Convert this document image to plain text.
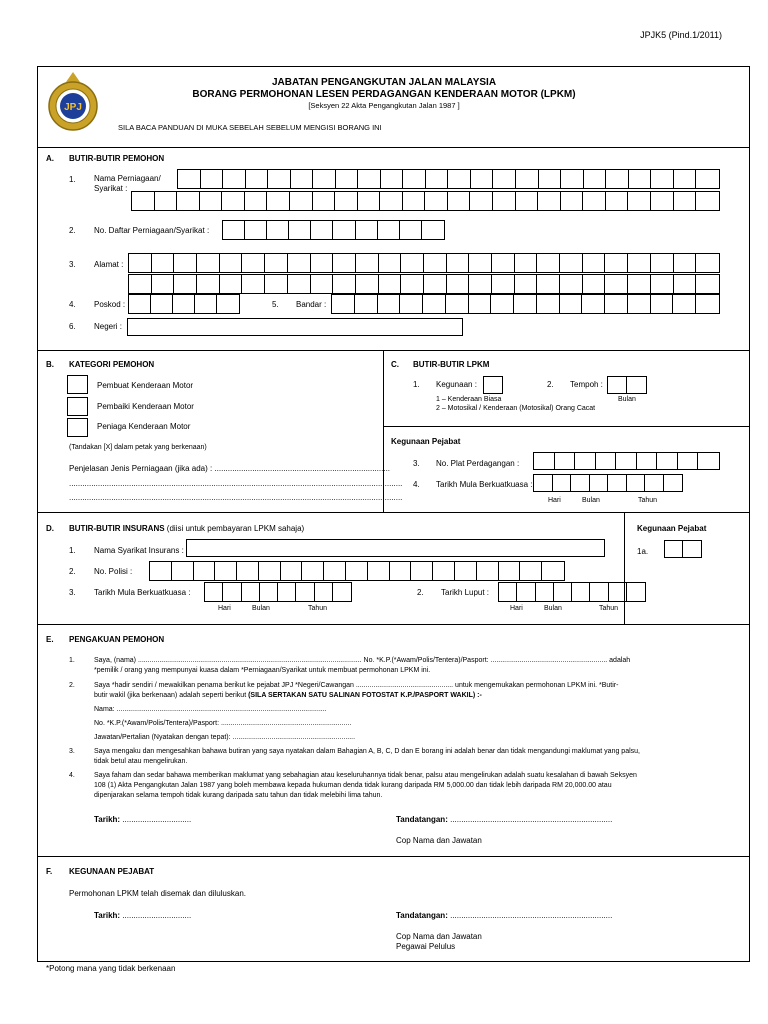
JPJK5 (Pind.1/2011)
JPJ
JABATAN PENGANGKUTAN JALAN MALAYSIA
BORANG PERMOHONAN LESEN PERDAGANGAN KENDERAAN MOTOR (LPKM)
[Seksyen 22 Akta Pengangkutan Jalan 1987 ]
SILA BACA PANDUAN DI MUKA SEBELAH SEBELUM MENGISI BORANG INI
A. BUTIR-BUTIR PEMOHON
1. Nama Perniagaan/
Syarikat :
2. No. Daftar Perniagaan/Syarikat :
3. Alamat :
4. Poskod :	5. Bandar :
6. Negeri :
B. KATEGORI PEMOHON
Pembuat Kenderaan Motor
Pembaiki Kenderaan Motor
Peniaga Kenderaan Motor
(Tandakan [X] dalam petak yang berkenaan)
Penjelasan Jenis Perniagaan (jika ada) : ...............................................................................
......................................................................................................................................................
......................................................................................................................................................
C. BUTIR-BUTIR LPKM
1. Kegunaan :	2. Tempoh :
Bulan
1 – Kenderaan Biasa
2 – Motosikal / Kenderaan (Motosikal) Orang Cacat
Kegunaan Pejabat
3. No. Plat Perdagangan :
4. Tarikh Mula Berkuatkuasa :
Hari	Bulan	Tahun
D. BUTIR-BUTIR INSURANS (diisi untuk pembayaran LPKM sahaja)	Kegunaan Pejabat
1a.
1. Nama Syarikat Insurans :
2. No. Polisi :
3. Tarikh Mula Berkuatkuasa :
Hari	Bulan	Tahun
2. Tarikh Luput :
Hari	Bulan	Tahun
E. PENGAKUAN PEMOHON
1.	Saya, (nama) ................................................................................................................... No. *K.P.(*Awam/Polis/Tentera)/Pasport: ............................................................ adalah
*pemilik / orang yang mempunyai kuasa dalam *Perniagaan/Syarikat untuk membuat permohonan LPKM ini.
2.	Saya *hadir sendiri / mewakilkan penama berikut ke pejabat JPJ *Negeri/Cawangan .................................................. untuk mengemukakan permohonan LPKM ini. *Butir-
butir wakil (jika berkenaan) adalah seperti berikut (SILA SERTAKAN SATU SALINAN FOTOSTAT K.P./PASPORT WAKIL) :-
Nama: ............................................................................................................
No. *K.P.(*Awam/Polis/Tentera)/Pasport: ...................................................................
Jawatan/Pertalian (Nyatakan dengan tepat): ...............................................................
3.	Saya mengaku dan mengesahkan bahawa butiran yang saya nyatakan dalam Bahagian A, B, C, D dan E borang ini adalah benar dan tidak mengandungi maklumat yang palsu,
tidak betul atau mengelirukan.
4.	Saya faham dan sedar bahawa memberikan maklumat yang sebahagian atau keseluruhannya tidak benar, palsu atau mengelirukan adalah suatu kesalahan di bawah Seksyen
108 (1) Akta Pengangkutan Jalan 1987 yang boleh membawa kepada hukuman denda tidak kurang daripada RM 5,000.00 dan tidak lebih daripada RM 20,000.00 atau
dipenjarakan selama tempoh tidak kurang daripada satu tahun dan tidak melebihi lima tahun.
Tarikh: ...............................	Tandatangan: .........................................................................
Cop Nama dan Jawatan
F. KEGUNAAN PEJABAT
Permohonan LPKM telah disemak dan diluluskan.
Tarikh: ...............................	Tandatangan: .........................................................................
Cop Nama dan Jawatan
Pegawai Pelulus
*Potong mana yang tidak berkenaan
